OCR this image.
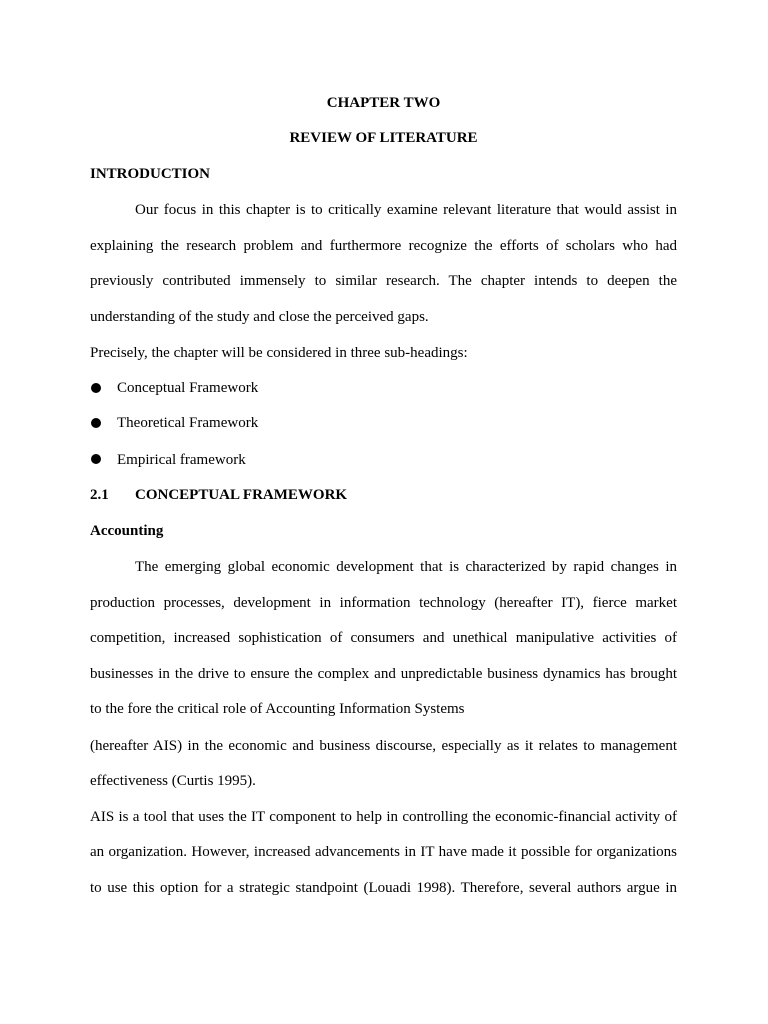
CHAPTER TWO
REVIEW OF LITERATURE
INTRODUCTION
Our focus in this chapter is to critically examine relevant literature that would assist in
explaining the research problem and furthermore recognize the efforts of scholars who had
previously contributed immensely to similar research. The chapter intends to deepen the
understanding of the study and close the perceived gaps.
Precisely, the chapter will be considered in three sub-headings:
Conceptual Framework
Theoretical Framework
Empirical framework
2.1 CONCEPTUAL FRAMEWORK
Accounting
The emerging global economic development that is characterized by rapid changes in
production processes, development in information technology (hereafter IT), fierce market
competition, increased sophistication of consumers and unethical manipulative activities of
businesses in the drive to ensure the complex and unpredictable business dynamics has brought
to the fore the critical role of Accounting Information Systems
(hereafter AIS) in the economic and business discourse, especially as it relates to management
effectiveness (Curtis 1995).
AIS is a tool that uses the IT component to help in controlling the economic-financial activity of
an organization. However, increased advancements in IT have made it possible for organizations
to use this option for a strategic standpoint (Louadi 1998). Therefore, several authors argue in
